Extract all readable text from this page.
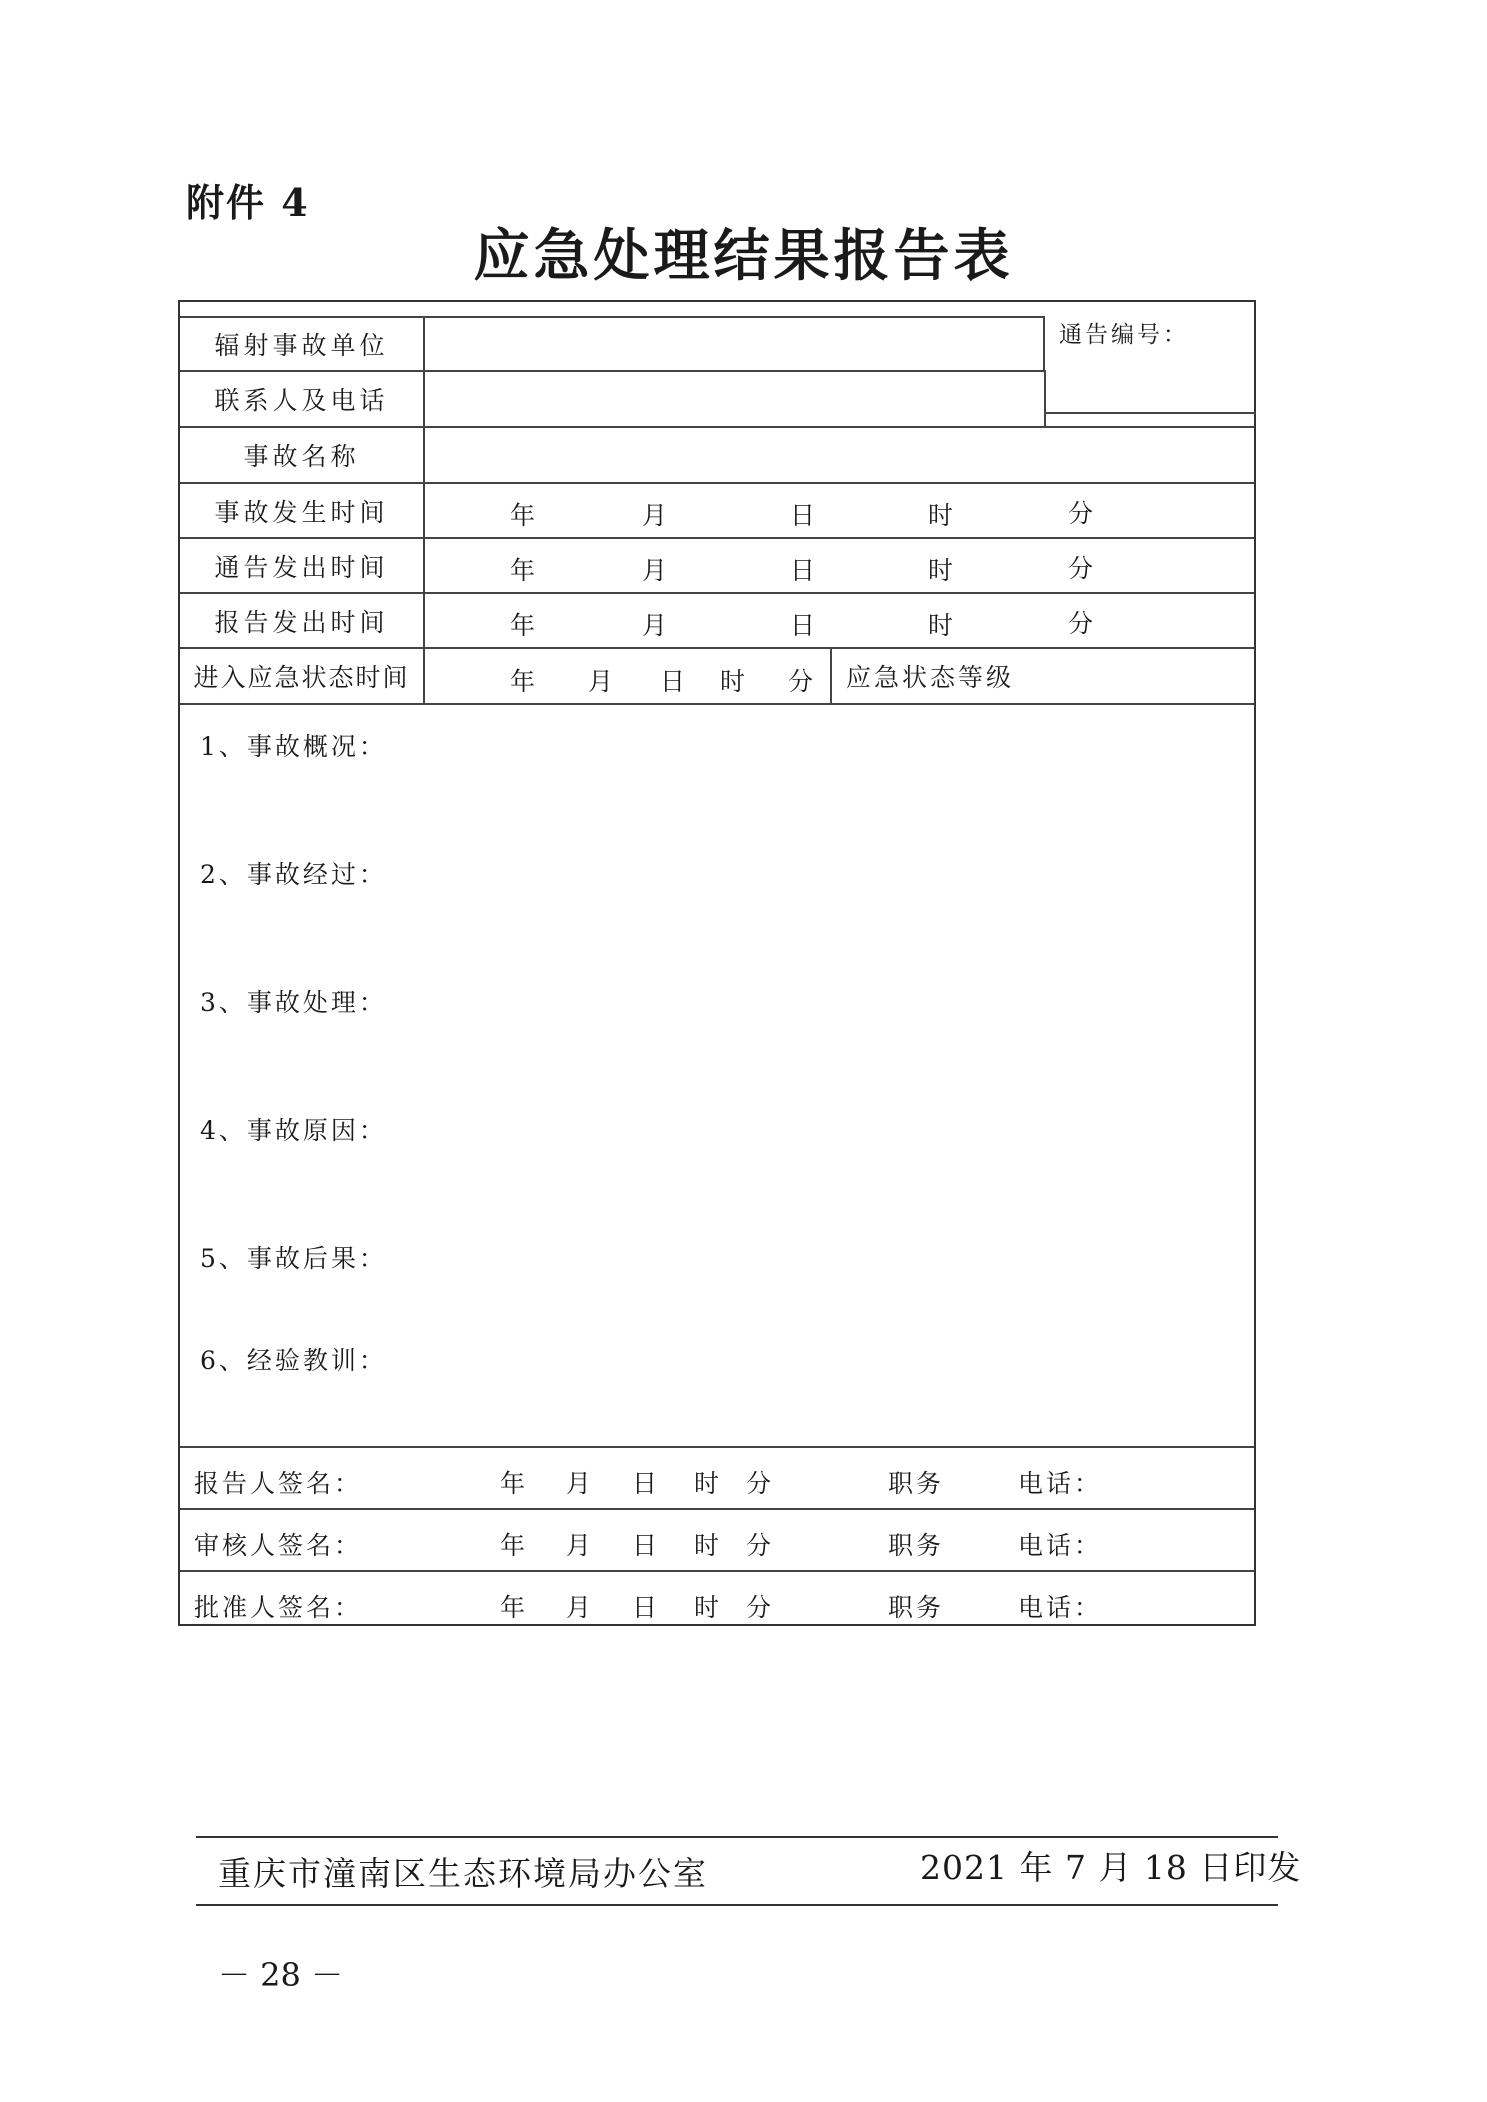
附件 4
应急处理结果报告表
辐射事故单位	通告编号：
联系人及电话
事故名称
事故发生时间	年	月	日	时	分
通告发出时间	年	月	日	时	分
报告发出时间	年	月	日	时	分
进入应急状态时间	年 月 日 时 分	应急状态等级
1、事故概况：
2、事故经过：
3、事故处理：
4、事故原因：
5、事故后果：
6、经验教训：
报告人签名：	年 月 日 时 分	职务	电话：
审核人签名：	年 月 日 时 分	职务	电话：
批准人签名：	年 月 日 时 分	职务	电话：
重庆市潼南区生态环境局办公室	2021 年 7 月 18 日印发
－ 28 －
